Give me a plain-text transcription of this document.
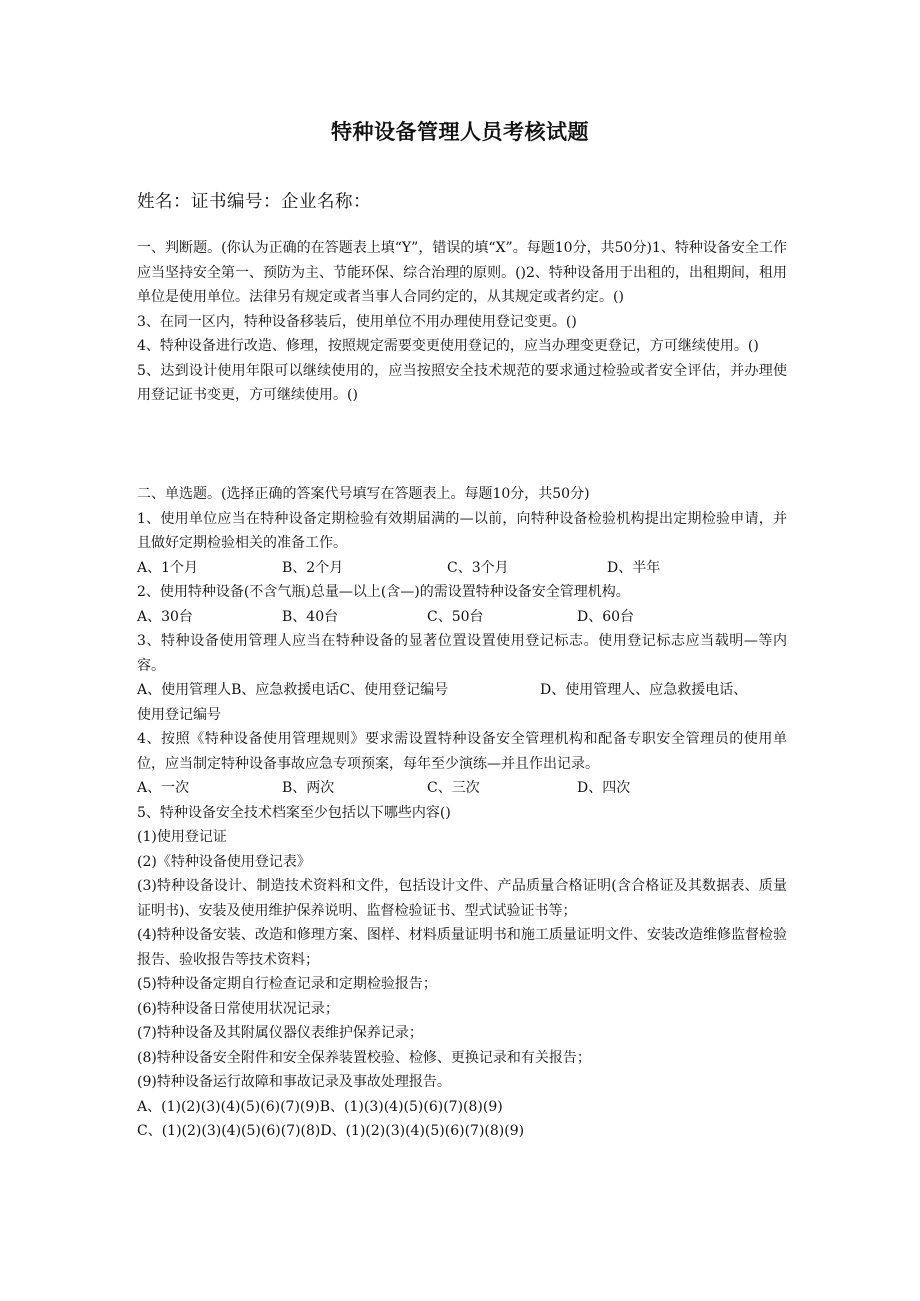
特种设备管理人员考核试题
姓名：证书编号：企业名称：

一、判断题。(你认为正确的在答题表上填“Y”，错误的填“X”。每题10分，共50分)1、特种设备安全工作应当坚持安全第一、预防为主、节能环保、综合治理的原则。()2、特种设备用于出租的，出租期间，租用单位是使用单位。法律另有规定或者当事人合同约定的，从其规定或者约定。()

3、在同一区内，特种设备移装后，使用单位不用办理使用登记变更。()

4、特种设备进行改造、修理，按照规定需要变更使用登记的，应当办理变更登记，方可继续使用。()

5、达到设计使用年限可以继续使用的，应当按照安全技术规范的要求通过检验或者安全评估，并办理使用登记证书变更，方可继续使用。()

二、单选题。(选择正确的答案代号填写在答题表上。每题10分，共50分)

1、使用单位应当在特种设备定期检验有效期届满的—以前，向特种设备检验机构提出定期检验申请，并且做好定期检验相关的准备工作。

A、1个月	B、2个月	C、3个月	D、半年

2、使用特种设备(不含气瓶)总量—以上(含—)的需设置特种设备安全管理机构。

A、30台	B、40台	C、50台	D、60台

3、特种设备使用管理人应当在特种设备的显著位置设置使用登记标志。使用登记标志应当载明—等内容。

A、使用管理人B、应急救援电话C、使用登记编号	D、使用管理人、应急救援电话、

使用登记编号

4、按照《特种设备使用管理规则》要求需设置特种设备安全管理机构和配备专职安全管理员的使用单位，应当制定特种设备事故应急专项预案，每年至少演练—并且作出记录。

A、一次	B、两次	C、三次	D、四次

5、特种设备安全技术档案至少包括以下哪些内容()

(1)使用登记证

(2)《特种设备使用登记表》

(3)特种设备设计、制造技术资料和文件，包括设计文件、产品质量合格证明(含合格证及其数据表、质量证明书)、安装及使用维护保养说明、监督检验证书、型式试验证书等；

(4)特种设备安装、改造和修理方案、图样、材料质量证明书和施工质量证明文件、安装改造维修监督检验报告、验收报告等技术资料；

(5)特种设备定期自行检查记录和定期检验报告；

(6)特种设备日常使用状况记录；

(7)特种设备及其附属仪器仪表维护保养记录；

(8)特种设备安全附件和安全保养装置校验、检修、更换记录和有关报告；

(9)特种设备运行故障和事故记录及事故处理报告。

A、(1)(2)(3)(4)(5)(6)(7)(9)B、(1)(3)(4)(5)(6)(7)(8)(9)

C、(1)(2)(3)(4)(5)(6)(7)(8)D、(1)(2)(3)(4)(5)(6)(7)(8)(9)
